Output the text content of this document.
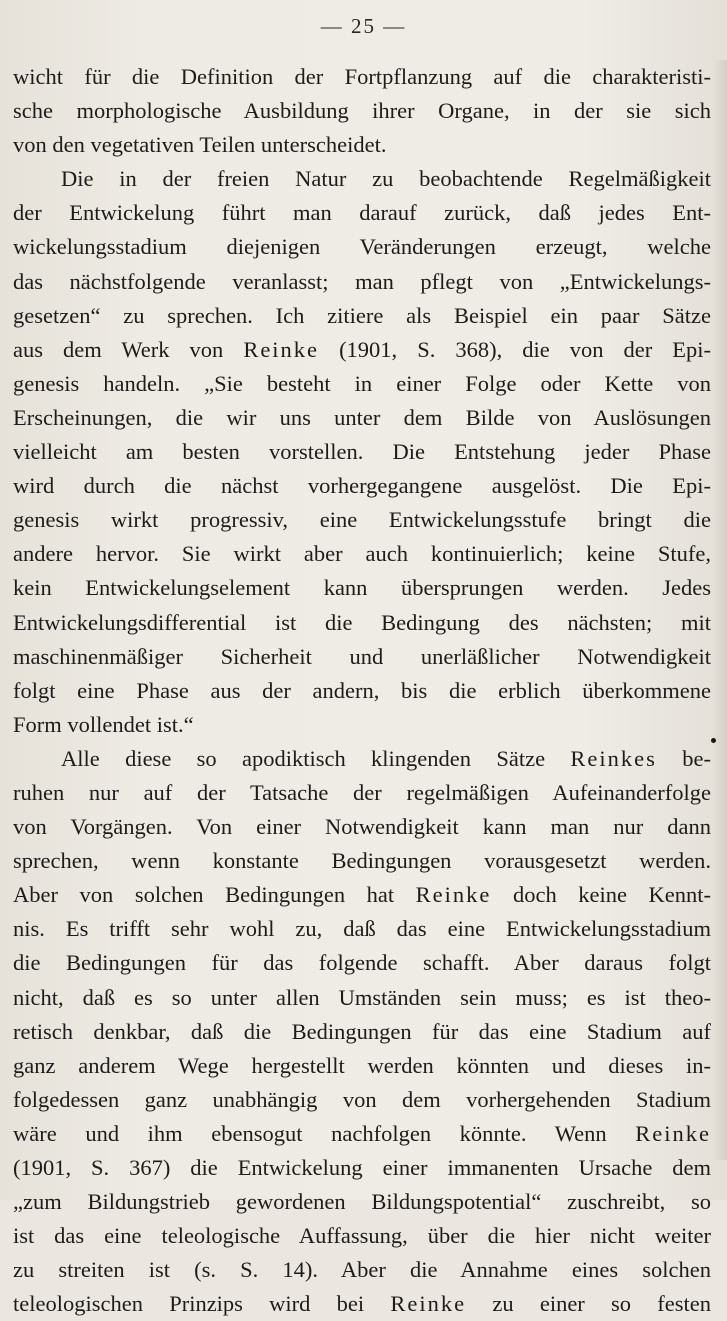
— 25 —
wicht für die Definition der Fortpflanzung auf die charakteristi-
sche morphologische Ausbildung ihrer Organe, in der sie sich
von den vegetativen Teilen unterscheidet.
Die in der freien Natur zu beobachtende Regelmäßigkeit
der Entwickelung führt man darauf zurück, daß jedes Ent-
wickelungsstadium diejenigen Veränderungen erzeugt, welche
das nächstfolgende veranlasst; man pflegt von „Entwickelungs-
gesetzen“ zu sprechen. Ich zitiere als Beispiel ein paar Sätze
aus dem Werk von Reinke (1901, S. 368), die von der Epi-
genesis handeln. „Sie besteht in einer Folge oder Kette von
Erscheinungen, die wir uns unter dem Bilde von Auslösungen
vielleicht am besten vorstellen. Die Entstehung jeder Phase
wird durch die nächst vorhergegangene ausgelöst. Die Epi-
genesis wirkt progressiv, eine Entwickelungsstufe bringt die
andere hervor. Sie wirkt aber auch kontinuierlich; keine Stufe,
kein Entwickelungselement kann übersprungen werden. Jedes
Entwickelungsdifferential ist die Bedingung des nächsten; mit
maschinenmäßiger Sicherheit und unerläßlicher Notwendigkeit
folgt eine Phase aus der andern, bis die erblich überkommene
Form vollendet ist.“
Alle diese so apodiktisch klingenden Sätze Reinkes be-
ruhen nur auf der Tatsache der regelmäßigen Aufeinanderfolge
von Vorgängen. Von einer Notwendigkeit kann man nur dann
sprechen, wenn konstante Bedingungen vorausgesetzt werden.
Aber von solchen Bedingungen hat Reinke doch keine Kennt-
nis. Es trifft sehr wohl zu, daß das eine Entwickelungsstadium
die Bedingungen für das folgende schafft. Aber daraus folgt
nicht, daß es so unter allen Umständen sein muss; es ist theo-
retisch denkbar, daß die Bedingungen für das eine Stadium auf
ganz anderem Wege hergestellt werden könnten und dieses in-
folgedessen ganz unabhängig von dem vorhergehenden Stadium
wäre und ihm ebensogut nachfolgen könnte. Wenn Reinke
(1901, S. 367) die Entwickelung einer immanenten Ursache dem
„zum Bildungstrieb gewordenen Bildungspotential“ zuschreibt, so
ist das eine teleologische Auffassung, über die hier nicht weiter
zu streiten ist (s. S. 14). Aber die Annahme eines solchen
teleologischen Prinzips wird bei Reinke zu einer so festen
